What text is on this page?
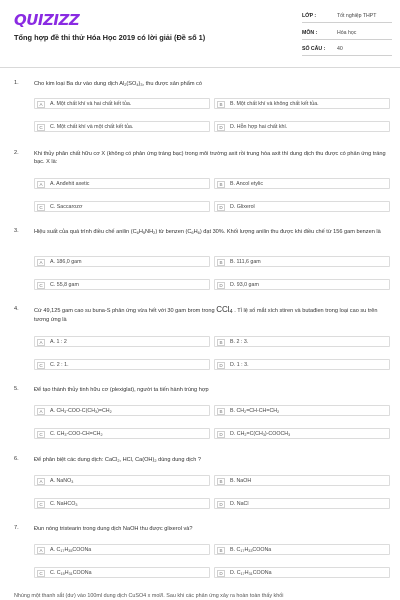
QUIZIZZ
Tổng hợp đề thi thử Hóa Học 2019 có lời giải (Đề số 1)
LỚP :	Tốt nghiệp THPT
MÔN :	Hóa học
SỐ CÂU : 40
1.	Cho kim loại Ba dư vào dung dịch $Al_2(SO_4)_3$, thu được sản phẩm có
A	A. Một chất khí và hai chất kết tủa.	B	B. Một chất khí và không chất kết tủa.
C	C. Một chất khí và một chất kết tủa.	D	D. Hỗn hợp hai chất khí.
2.	Khi thủy phân chất hữu cơ X (không có phản ứng tráng bạc) trong môi trường axit rồi trung hòa axit thì dung dịch thu được có phản ứng tráng bạc. X là:
A	A. Anđehit axetic	B	B. Ancol etylic
C	C. Saccarozơ	D	D. Glixerol
3.	Hiệu suất của quá trình điều chế anilin $(C_6H_5NH_2)$ từ benzen $(C_6H_6)$ đạt 30%. Khối lượng anilin thu được khi điều chế từ 156 gam benzen là
A	A. 186,0 gam	B	B. 111,6 gam
C	C. 55,8 gam	D	D. 93,0 gam
4.	Cứ 49,125 gam cao su buna-S phản ứng vừa hết với 30 gam brom trong CCl$_4$ . Tỉ lệ số mắt xích stiren và butađien trong loại cao su trên tương ứng là
A	A. 1 : 2	B	B. 2 : 3.
C	C. 2 : 1.	D	D. 1 : 3.
5.	Để tạo thành thủy tinh hữu cơ (plexiglat), người ta tiến hành trùng hợp
A	A. $CH_3-COO-C(CH_3)=CH_2$	B	B. $CH_2=CH-CH=CH_2$
C	C. $CH_3-COO-CH=CH_2$	D	D. $CH_2=C(CH_3)-COOCH_3$
6.	Để phân biệt các dung dịch: CaCl$_2$, HCl, $Ca(OH)_2$ dùng dung dịch ?
A	A. NaNO$_3$	B	B. NaOH
C	C. NaHCO$_3$	D	D. NaCl
7.	Đun nóng tristearin trong dung dịch NaOH thu được glixerol và?
A	A. $C_{17}H_{35}COONa$	B	B. $C_{17}H_{33}COONa$
C	C. $C_{15}H_{31}COONa$	D	D. $C_{17}H_{31}COONa$
Nhúng một thanh sắt (dư) vào 100ml dung dịch CuSO4 x mol/l. Sau khi các phản ứng xảy ra hoàn toàn thấy khối
